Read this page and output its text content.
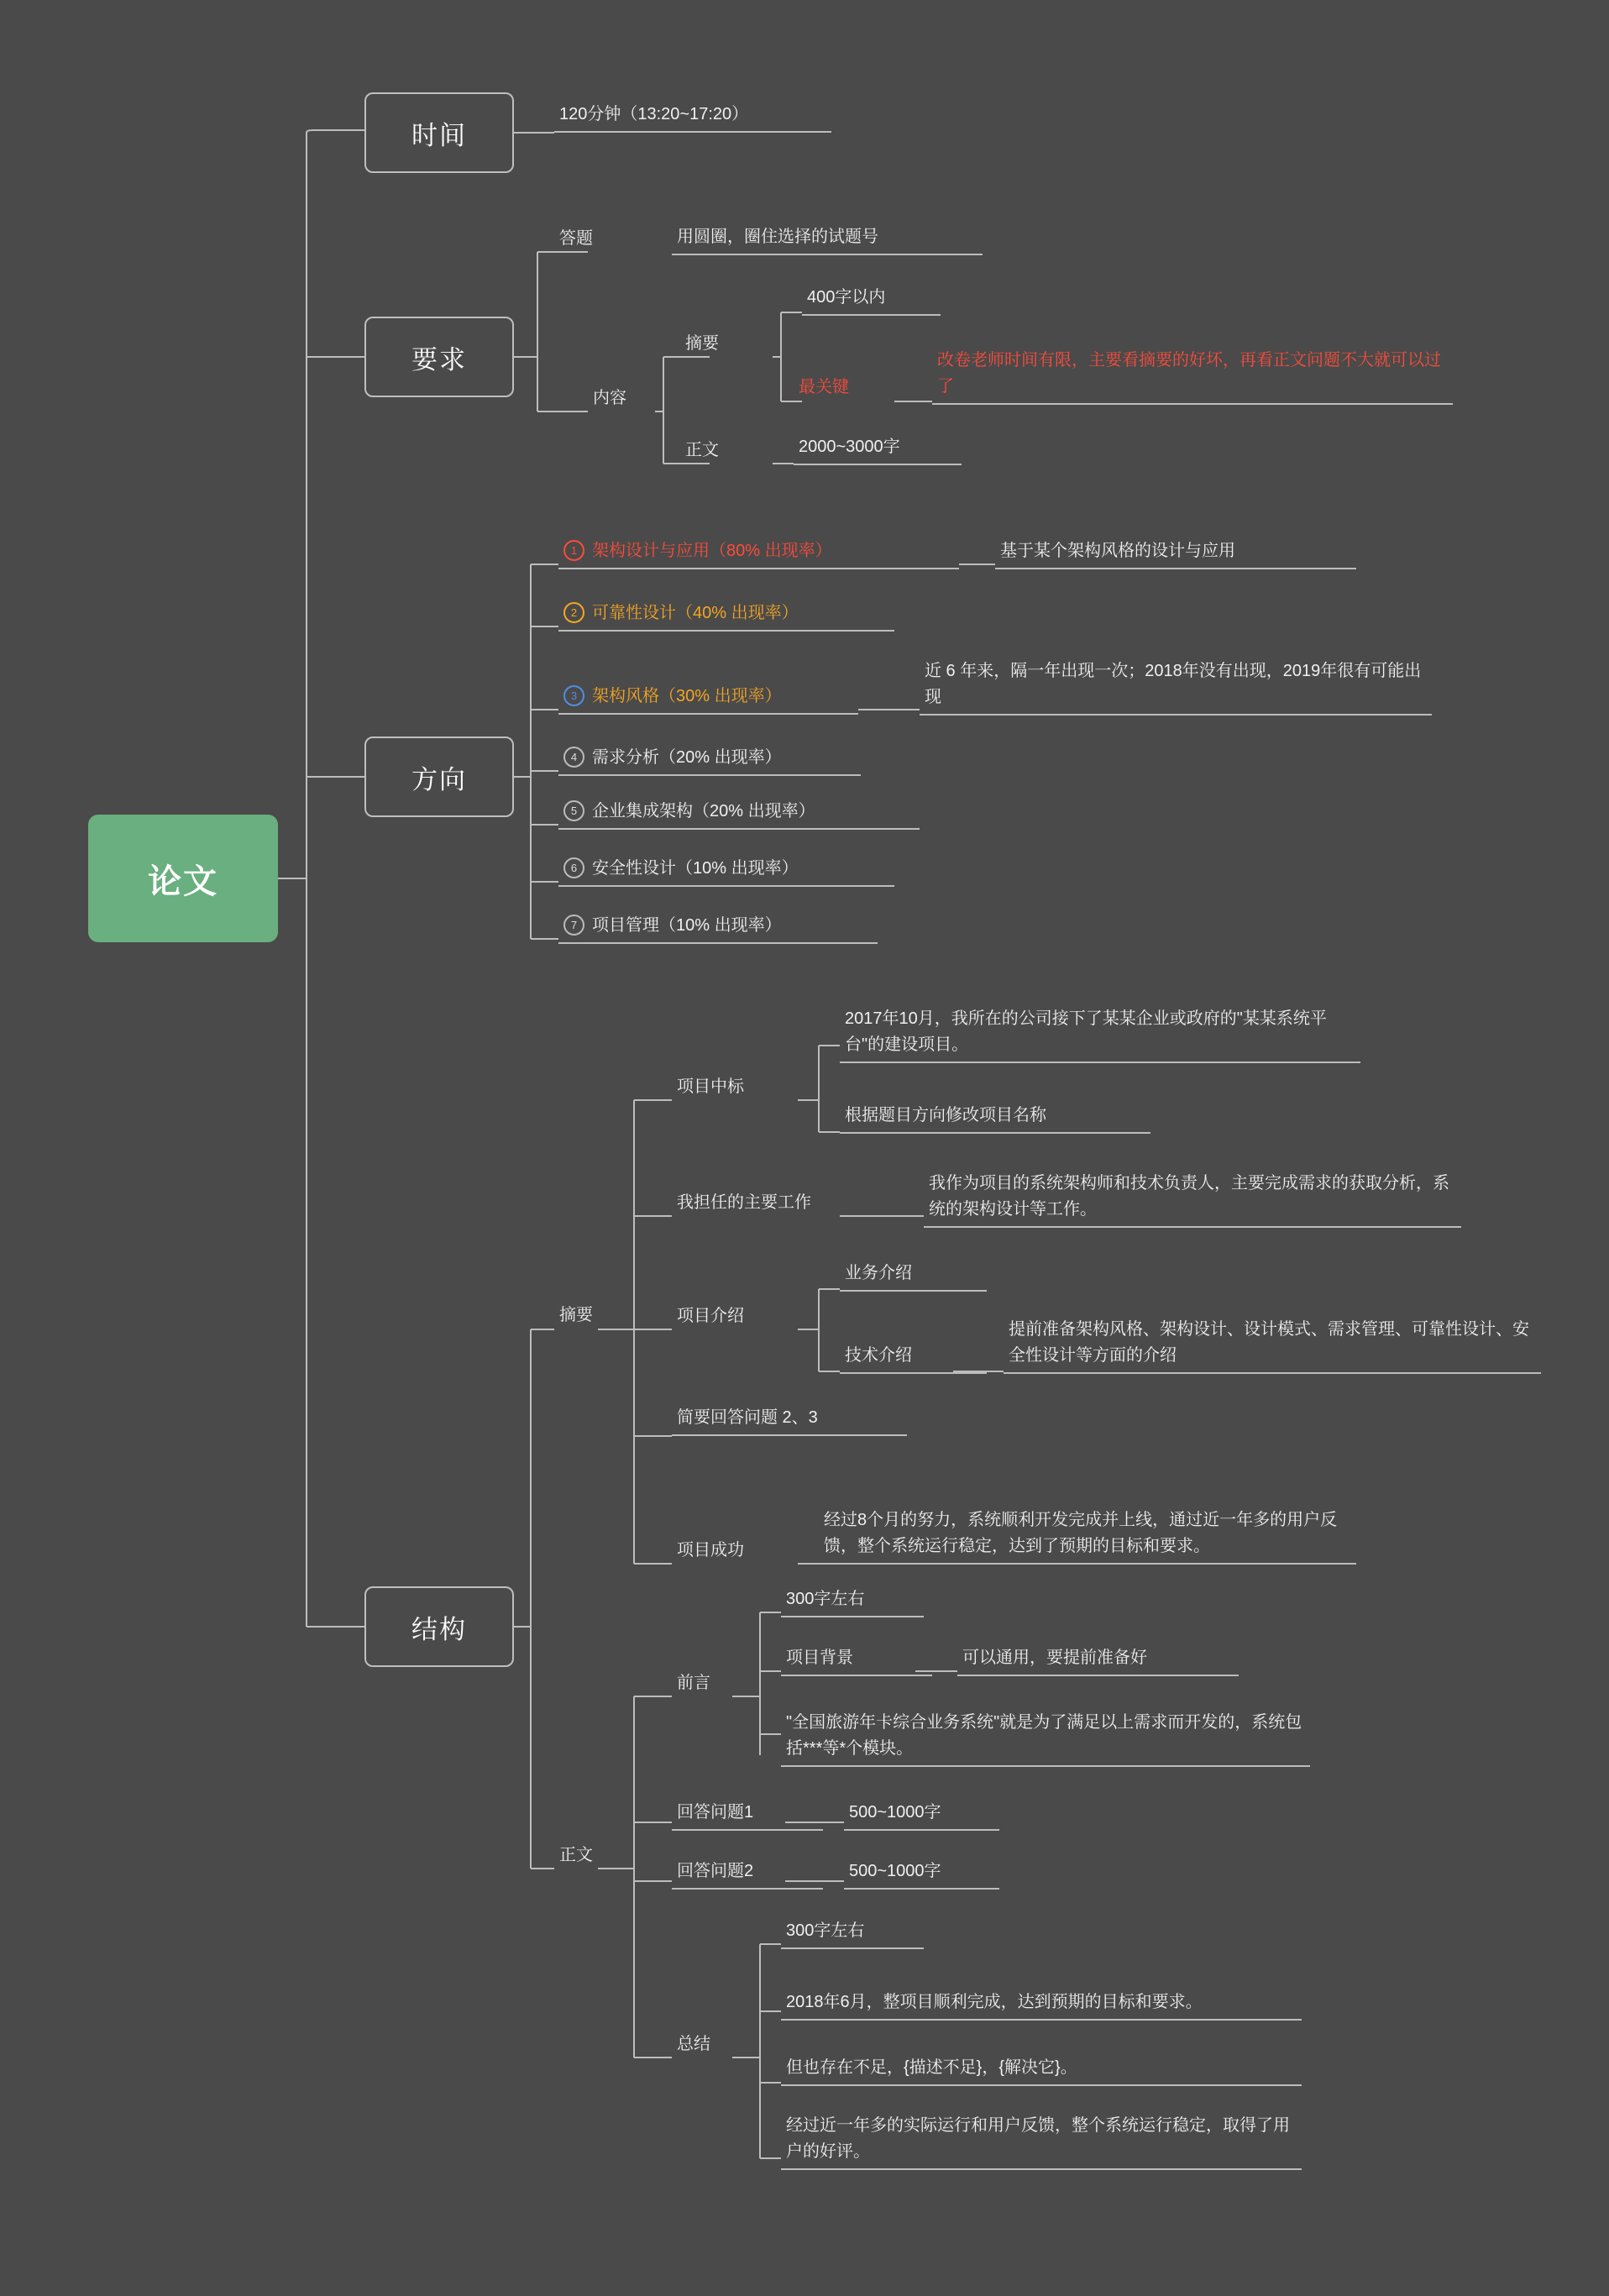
论文
时间
120分钟（13:20~17:20）
要求
答题	用圆圈，圈住选择的试题号
内容
摘要
400字以内
最关键
改卷老师时间有限，主要看摘要的好坏，再看正文问题不大就可以过了
正文	2000~3000字
方向
1 架构设计与应用（80% 出现率）	基于某个架构风格的设计与应用
2 可靠性设计（40% 出现率）
3 架构风格（30% 出现率）
近 6 年来，隔一年出现一次；2018年没有出现，2019年很有可能出现
4 需求分析（20% 出现率）
5 企业集成架构（20% 出现率）
6 安全性设计（10% 出现率）
7 项目管理（10% 出现率）
结构
摘要
项目中标
2017年10月，我所在的公司接下了某某企业或政府的"某某系统平台"的建设项目。
根据题目方向修改项目名称
我担任的主要工作
我作为项目的系统架构师和技术负责人，主要完成需求的获取分析，系统的架构设计等工作。
项目介绍
业务介绍
技术介绍
提前准备架构风格、架构设计、设计模式、需求管理、可靠性设计、安全性设计等方面的介绍
简要回答问题 2、3
项目成功
经过8个月的努力，系统顺利开发完成并上线，通过近一年多的用户反馈，整个系统运行稳定，达到了预期的目标和要求。
正文
前言
300字左右
项目背景	可以通用，要提前准备好
"全国旅游年卡综合业务系统"就是为了满足以上需求而开发的，系统包括***等*个模块。
回答问题1	500~1000字
回答问题2	500~1000字
总结
300字左右
2018年6月，整项目顺利完成，达到预期的目标和要求。
但也存在不足，{描述不足}，{解决它}。
经过近一年多的实际运行和用户反馈，整个系统运行稳定，取得了用户的好评。
